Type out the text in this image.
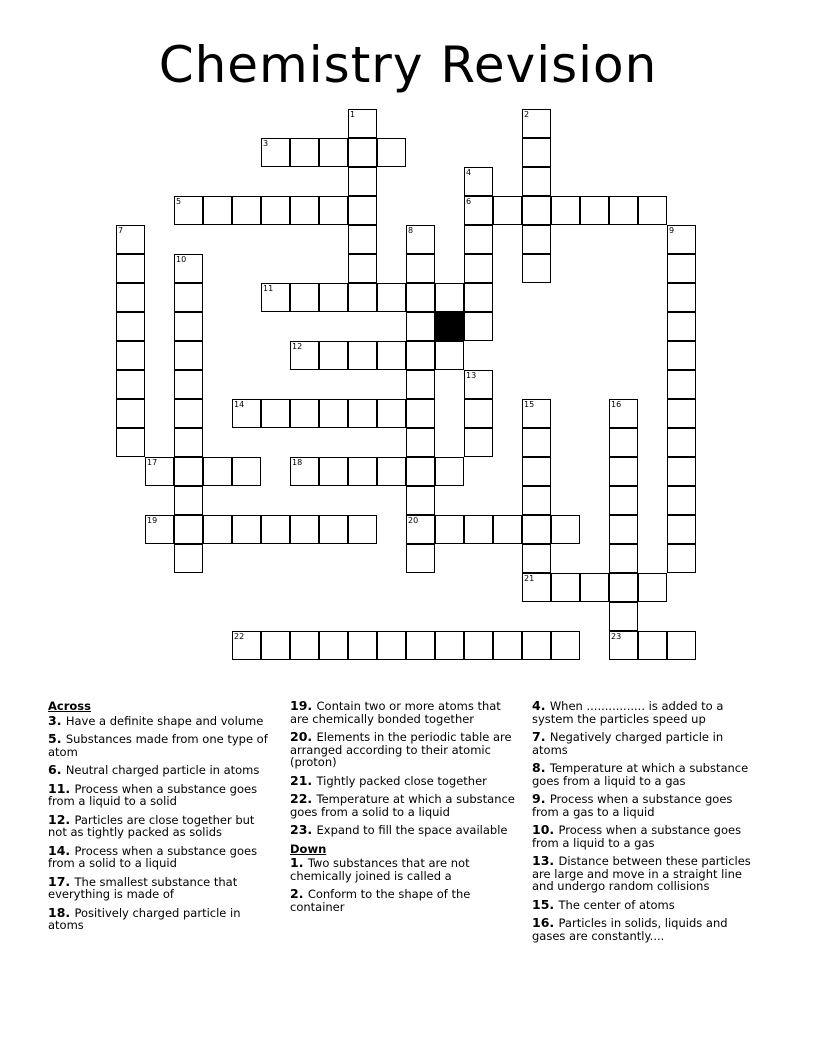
Chemistry Revision
1	2
3
4
5	6
7	8	9
10
11
12
13
14	15	16
17	18
19	20
21
22	23
Across
3. Have a definite shape and volume
5. Substances made from one type of atom
6. Neutral charged particle in atoms
11. Process when a substance goes from a liquid to a solid
12. Particles are close together but not as tightly packed as solids
14. Process when a substance goes from a solid to a liquid
17. The smallest substance that everything is made of
18. Positively charged particle in atoms
19. Contain two or more atoms that are chemically bonded together
20. Elements in the periodic table are arranged according to their atomic (proton)
21. Tightly packed close together
22. Temperature at which a substance goes from a solid to a liquid
23. Expand to fill the space available
Down
1. Two substances that are not chemically joined is called a
2. Conform to the shape of the container
4. When ................ is added to a system the particles speed up
7. Negatively charged particle in atoms
8. Temperature at which a substance goes from a liquid to a gas
9. Process when a substance goes from a gas to a liquid
10. Process when a substance goes from a liquid to a gas
13. Distance between these particles are large and move in a straight line and undergo random collisions
15. The center of atoms
16. Particles in solids, liquids and gases are constantly....
